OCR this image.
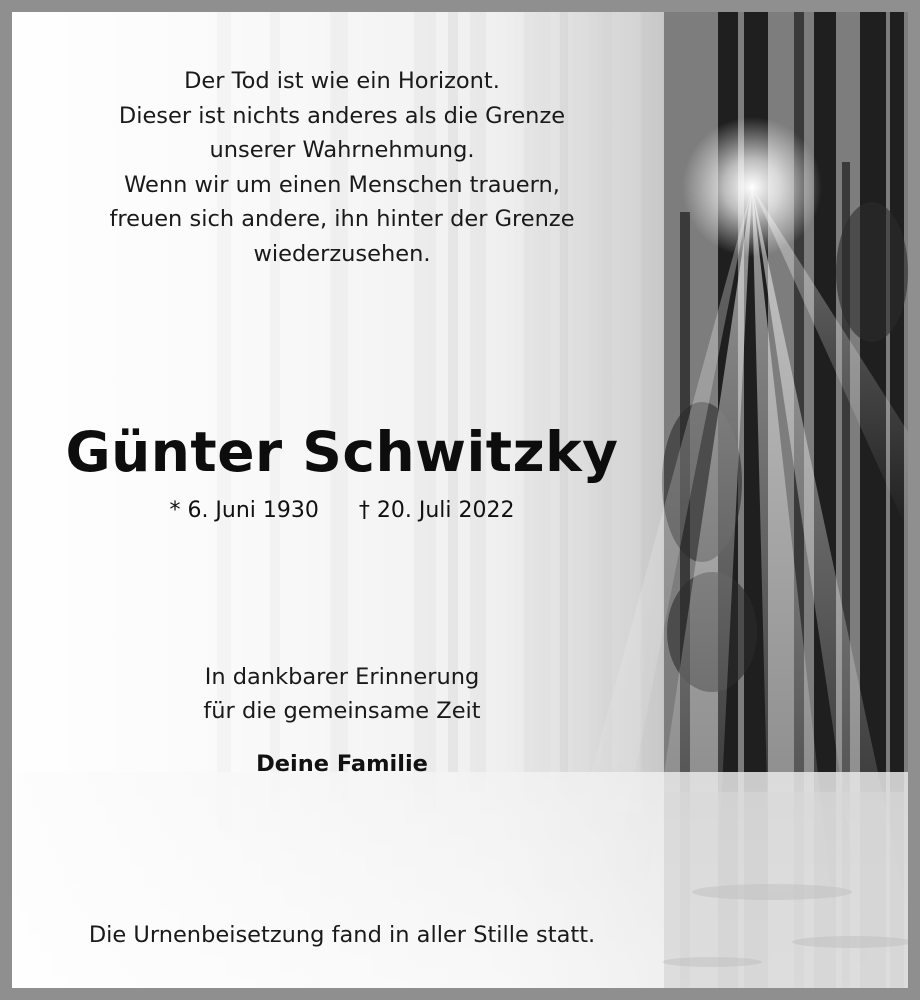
Der Tod ist wie ein Horizont.
Dieser ist nichts anderes als die Grenze
unserer Wahrnehmung.
Wenn wir um einen Menschen trauern,
freuen sich andere, ihn hinter der Grenze
wiederzusehen.
Günter Schwitzky
* 6. Juni 1930 † 20. Juli 2022
In dankbarer Erinnerung
für die gemeinsame Zeit
Deine Familie
Die Urnenbeisetzung fand in aller Stille statt.
